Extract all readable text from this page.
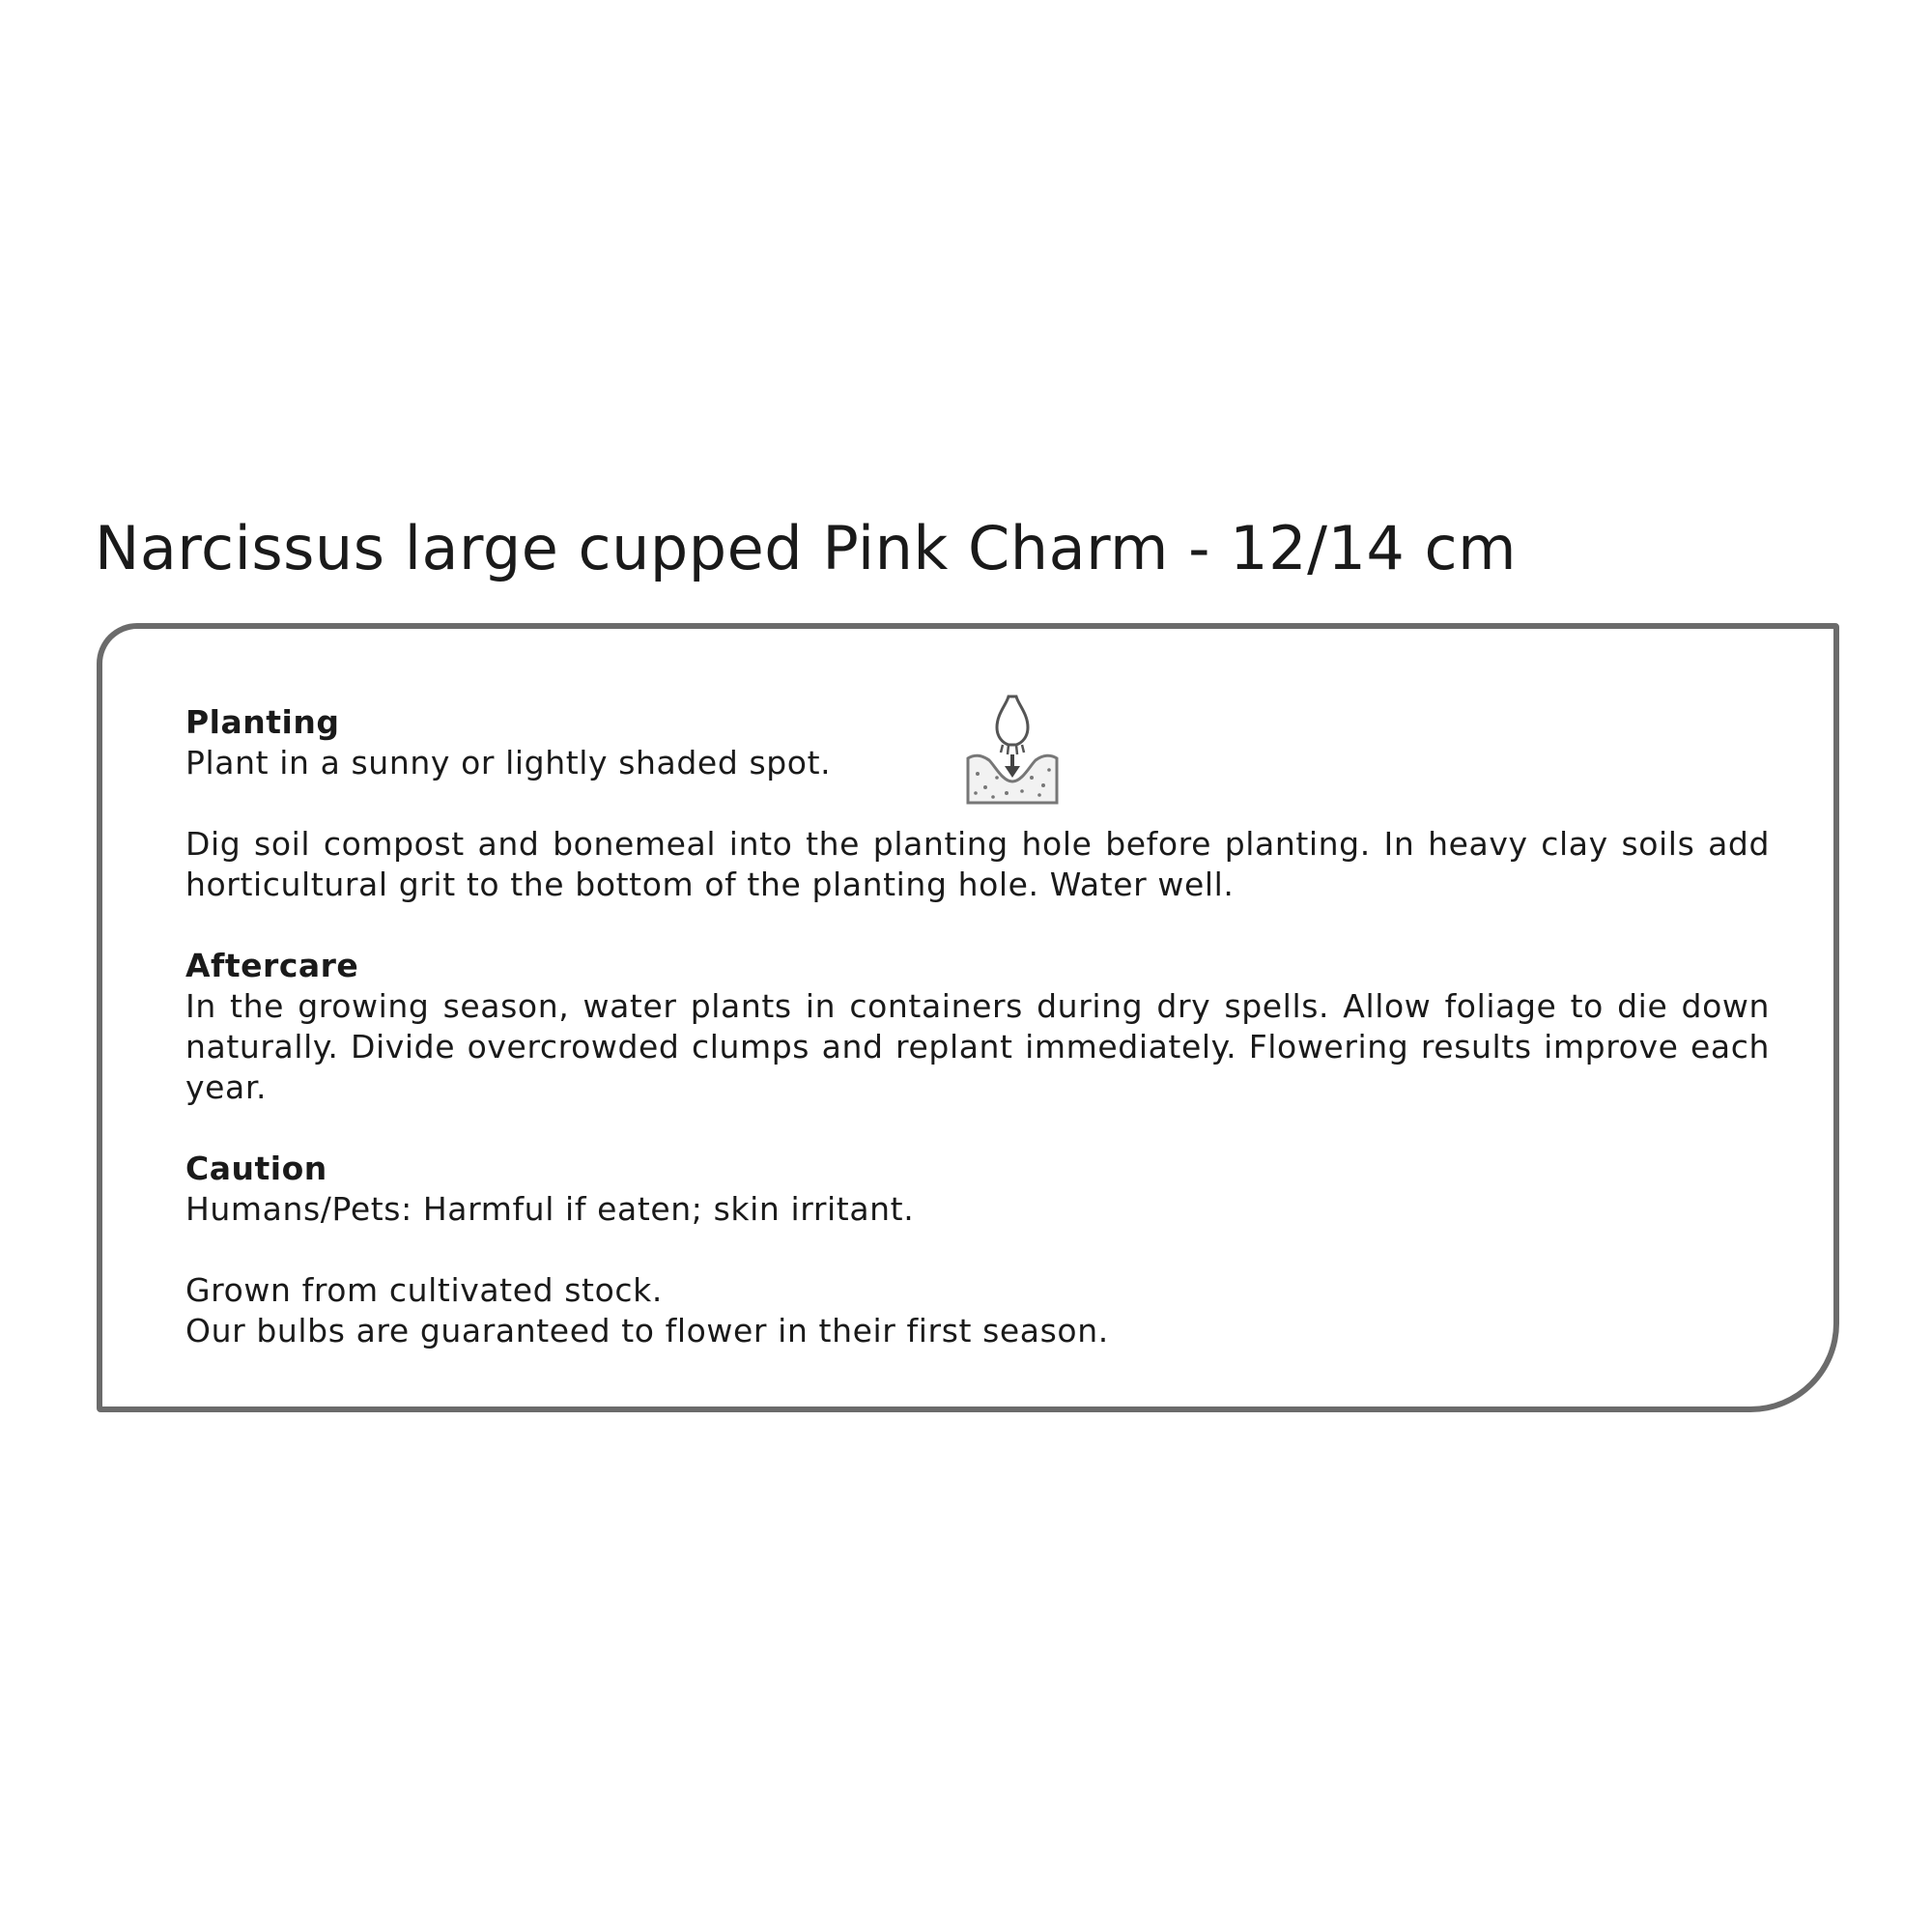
Narcissus large cupped Pink Charm - 12/14 cm

Planting

Plant in a sunny or lightly shaded spot.

Dig soil compost and bonemeal into the planting hole before planting. In heavy clay soils add horticultural grit to the bottom of the planting hole. Water well.

Aftercare

In the growing season, water plants in containers during dry spells. Allow foliage to die down naturally. Divide overcrowded clumps and replant immediately. Flowering results improve each year.

Caution

Humans/Pets: Harmful if eaten; skin irritant.

Grown from cultivated stock.

Our bulbs are guaranteed to flower in their first season.
